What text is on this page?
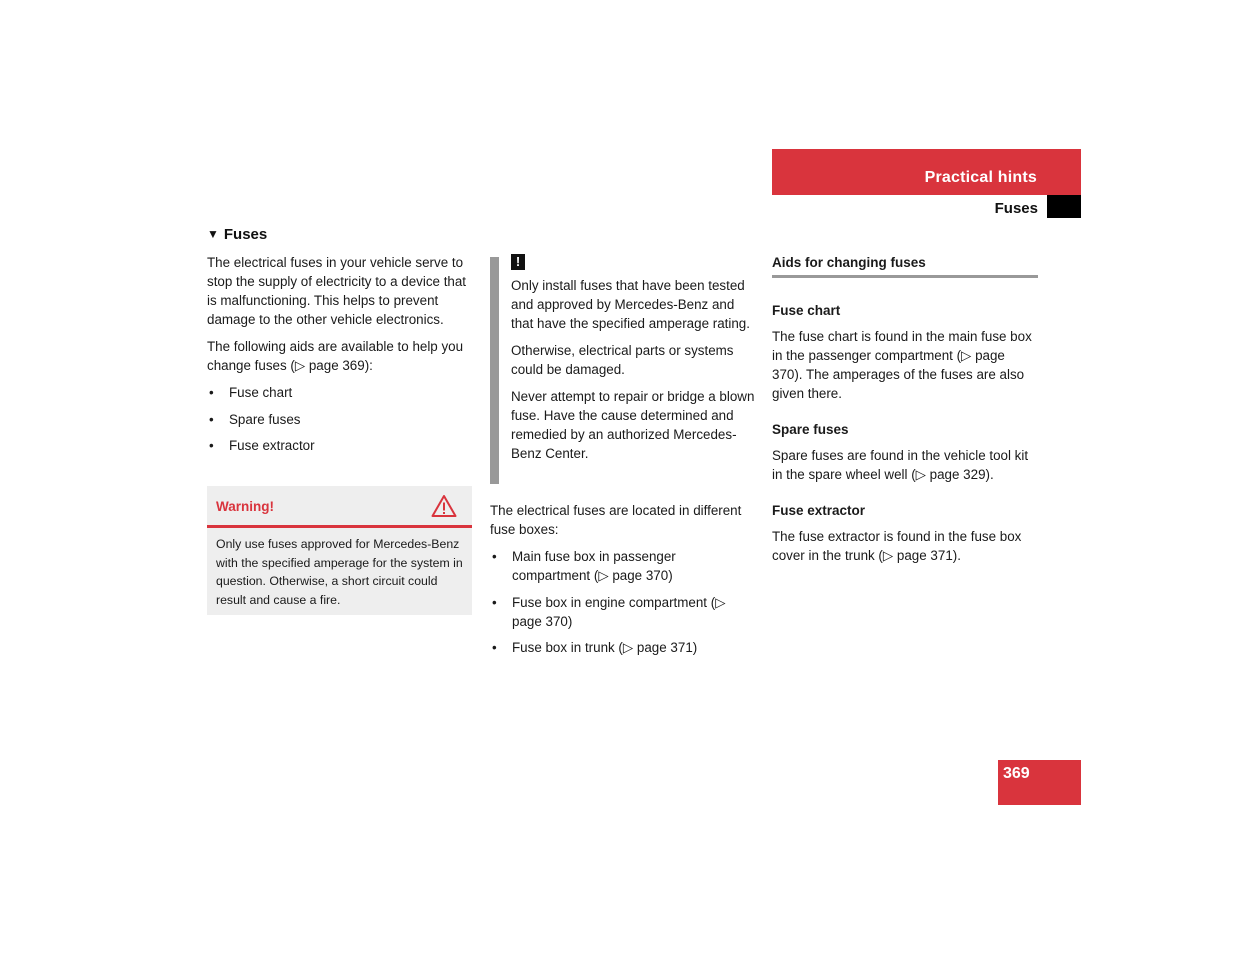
Practical hints
Fuses
▼ Fuses

The electrical fuses in your vehicle serve to stop the supply of electricity to a device that is malfunctioning. This helps to prevent damage to the other vehicle electronics.

The following aids are available to help you change fuses (▷ page 369):

• Fuse chart
• Spare fuses
• Fuse extractor
Warning!
Only use fuses approved for Mercedes-Benz with the specified amperage for the system in question. Otherwise, a short circuit could result and cause a fire.
!

Only install fuses that have been tested and approved by Mercedes-Benz and that have the specified amperage rating.

Otherwise, electrical parts or systems could be damaged.

Never attempt to repair or bridge a blown fuse. Have the cause determined and remedied by an authorized Mercedes-Benz Center.

The electrical fuses are located in different fuse boxes:

• Main fuse box in passenger compartment (▷ page 370)
• Fuse box in engine compartment (▷ page 370)
• Fuse box in trunk (▷ page 371)

Aids for changing fuses

Fuse chart

The fuse chart is found in the main fuse box in the passenger compartment (▷ page 370). The amperages of the fuses are also given there.

Spare fuses

Spare fuses are found in the vehicle tool kit in the spare wheel well (▷ page 329).

Fuse extractor

The fuse extractor is found in the fuse box cover in the trunk (▷ page 371).

369
